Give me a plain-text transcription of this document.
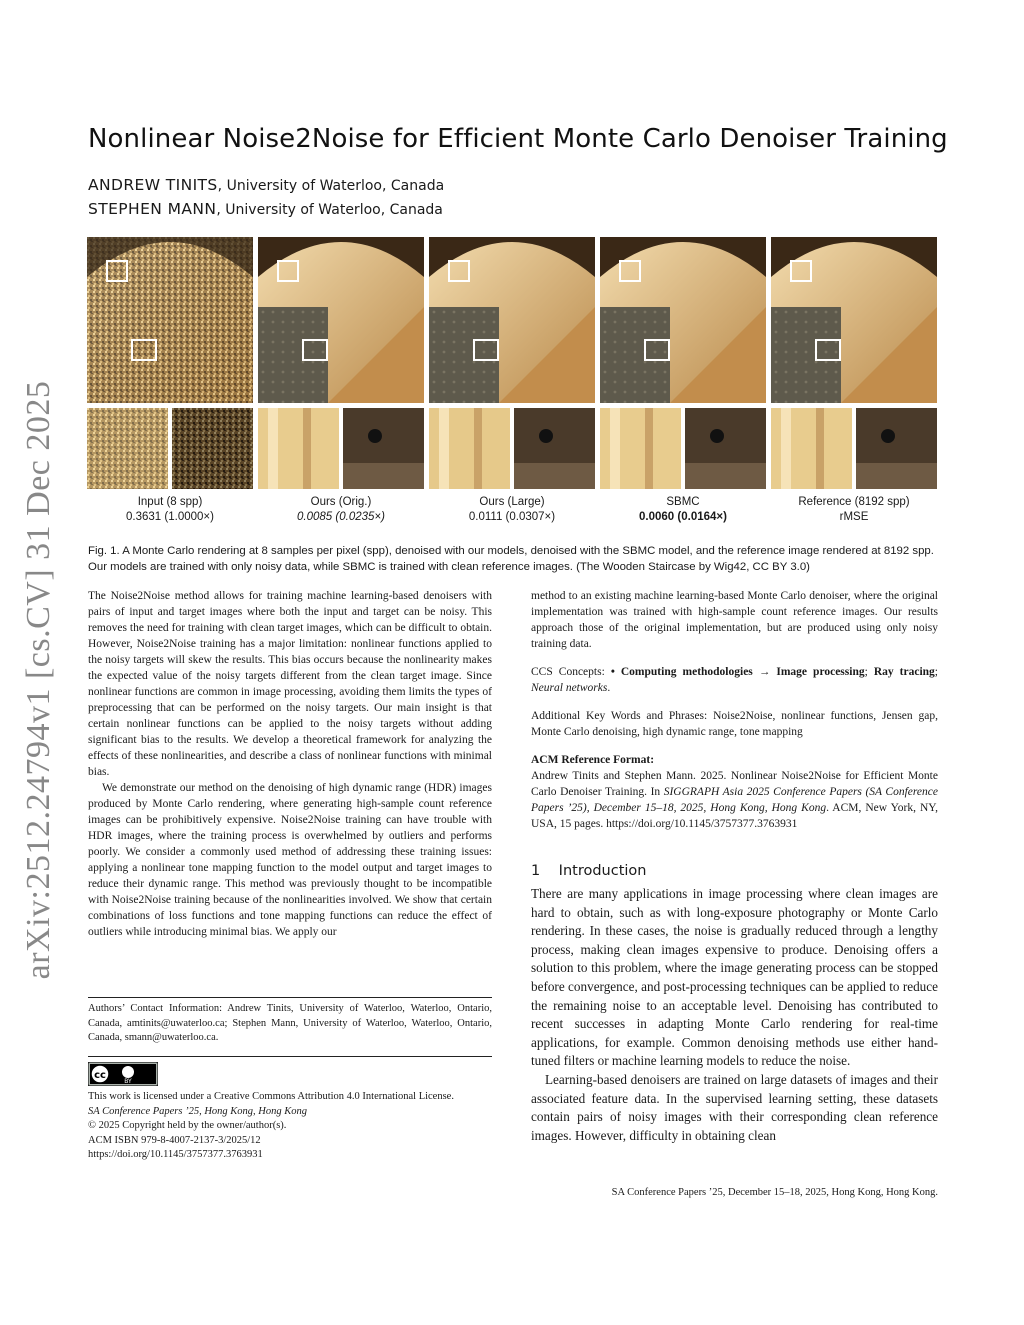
arXiv:2512.24794v1 [cs.CV] 31 Dec 2025
Nonlinear Noise2Noise for Efficient Monte Carlo Denoiser Training
ANDREW TINITS, University of Waterloo, Canada
STEPHEN MANN, University of Waterloo, Canada
Input (8 spp)
0.3631 (1.0000×)
Ours (Orig.)
0.0085 (0.0235×)
Ours (Large)
0.0111 (0.0307×)
SBMC
0.0060 (0.0164×)
Reference (8192 spp)
rMSE
Fig. 1. A Monte Carlo rendering at 8 samples per pixel (spp), denoised with our models, denoised with the SBMC model, and the reference image rendered at 8192 spp. Our models are trained with only noisy data, while SBMC is trained with clean reference images. (The Wooden Staircase by Wig42, CC BY 3.0)

The Noise2Noise method allows for training machine learning-based denoisers with pairs of input and target images where both the input and target can be noisy. This removes the need for training with clean target images, which can be difficult to obtain. However, Noise2Noise training has a major limitation: nonlinear functions applied to the noisy targets will skew the results. This bias occurs because the nonlinearity makes the expected value of the noisy targets different from the clean target image. Since nonlinear functions are common in image processing, avoiding them limits the types of preprocessing that can be performed on the noisy targets. Our main insight is that certain nonlinear functions can be applied to the noisy targets without adding significant bias to the results. We develop a theoretical framework for analyzing the effects of these nonlinearities, and describe a class of nonlinear functions with minimal bias.

We demonstrate our method on the denoising of high dynamic range (HDR) images produced by Monte Carlo rendering, where generating high-sample count reference images can be prohibitively expensive. Noise2Noise training can have trouble with HDR images, where the training process is overwhelmed by outliers and performs poorly. We consider a commonly used method of addressing these training issues: applying a nonlinear tone mapping function to the model output and target images to reduce their dynamic range. This method was previously thought to be incompatible with Noise2Noise training because of the nonlinearities involved. We show that certain combinations of loss functions and tone mapping functions can reduce the effect of outliers while introducing minimal bias. We apply our

Authors’ Contact Information: Andrew Tinits, University of Waterloo, Waterloo, Ontario, Canada, amtinits@uwaterloo.ca; Stephen Mann, University of Waterloo, Waterloo, Ontario, Canada, smann@uwaterloo.ca.
cc
BY
This work is licensed under a Creative Commons Attribution 4.0 International License.
SA Conference Papers ’25, Hong Kong, Hong Kong
© 2025 Copyright held by the owner/author(s).
ACM ISBN 979-8-4007-2137-3/2025/12
https://doi.org/10.1145/3757377.3763931

method to an existing machine learning-based Monte Carlo denoiser, where the original implementation was trained with high-sample count reference images. Our results approach those of the original implementation, but are produced using only noisy training data.

CCS Concepts: • Computing methodologies → Image processing; Ray tracing; Neural networks.

Additional Key Words and Phrases: Noise2Noise, nonlinear functions, Jensen gap, Monte Carlo denoising, high dynamic range, tone mapping

ACM Reference Format:
Andrew Tinits and Stephen Mann. 2025. Nonlinear Noise2Noise for Efficient Monte Carlo Denoiser Training. In SIGGRAPH Asia 2025 Conference Papers (SA Conference Papers ’25), December 15–18, 2025, Hong Kong, Hong Kong. ACM, New York, NY, USA, 15 pages. https://doi.org/10.1145/3757377.3763931

1 Introduction

There are many applications in image processing where clean images are hard to obtain, such as with long-exposure photography or Monte Carlo rendering. In these cases, the noise is gradually reduced through a lengthy process, making clean images expensive to produce. Denoising offers a solution to this problem, where the image generating process can be stopped before convergence, and post-processing techniques can be applied to reduce the remaining noise to an acceptable level. Denoising has contributed to recent successes in adapting Monte Carlo rendering for real-time applications, for example. Common denoising methods use either hand-tuned filters or machine learning models to reduce the noise.

Learning-based denoisers are trained on large datasets of images and their associated feature data. In the supervised learning setting, these datasets contain pairs of noisy images with their corresponding clean reference images. However, difficulty in obtaining clean

SA Conference Papers ’25, December 15–18, 2025, Hong Kong, Hong Kong.
